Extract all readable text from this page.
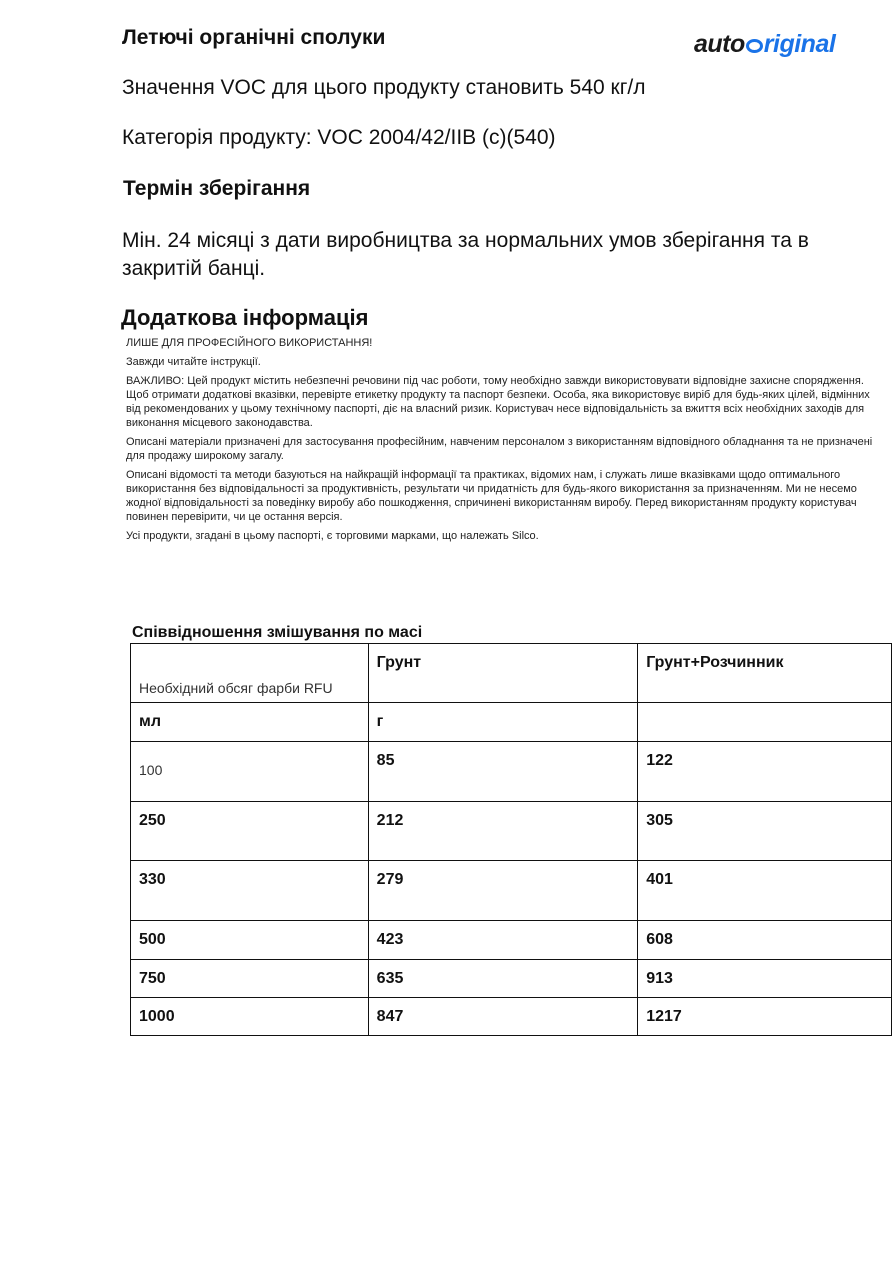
auto riginal
Летючі органічні сполуки
Значення VOC для цього продукту становить 540 кг/л
Категорія продукту: VOC 2004/42/IIB (c)(540)
Термін зберігання
Мін. 24 місяці з дати виробництва за нормальних умов зберігання та в закритій банці.
Додаткова інформація

ЛИШЕ ДЛЯ ПРОФЕСІЙНОГО ВИКОРИСТАННЯ!

Завжди читайте інструкції.

ВАЖЛИВО: Цей продукт містить небезпечні речовини під час роботи, тому необхідно завжди використовувати відповідне захисне спорядження. Щоб отримати додаткові вказівки, перевірте етикетку продукту та паспорт безпеки. Особа, яка використовує виріб для будь-яких цілей, відмінних від рекомендованих у цьому технічному паспорті, діє на власний ризик. Користувач несе відповідальність за вжиття всіх необхідних заходів для виконання місцевого законодавства.

Описані матеріали призначені для застосування професійним, навченим персоналом з використанням відповідного обладнання та не призначені для продажу широкому загалу.

Описані відомості та методи базуються на найкращій інформації та практиках, відомих нам, і служать лише вказівками щодо оптимального використання без відповідальності за продуктивність, результати чи придатність для будь-якого використання за призначенням. Ми не несемо жодної відповідальності за поведінку виробу або пошкодження, спричинені використанням виробу. Перед використанням продукту користувач повинен перевірити, чи це остання версія.

Усі продукти, згадані в цьому паспорті, є торговими марками, що належать Silco.

Співвідношення змішування по масі
Необхідний обсяг фарби RFU	Грунт	Грунт+Розчинник
мл	г	
100	85	122
250	212	305
330	279	401
500	423	608
750	635	913
1000	847	1217
